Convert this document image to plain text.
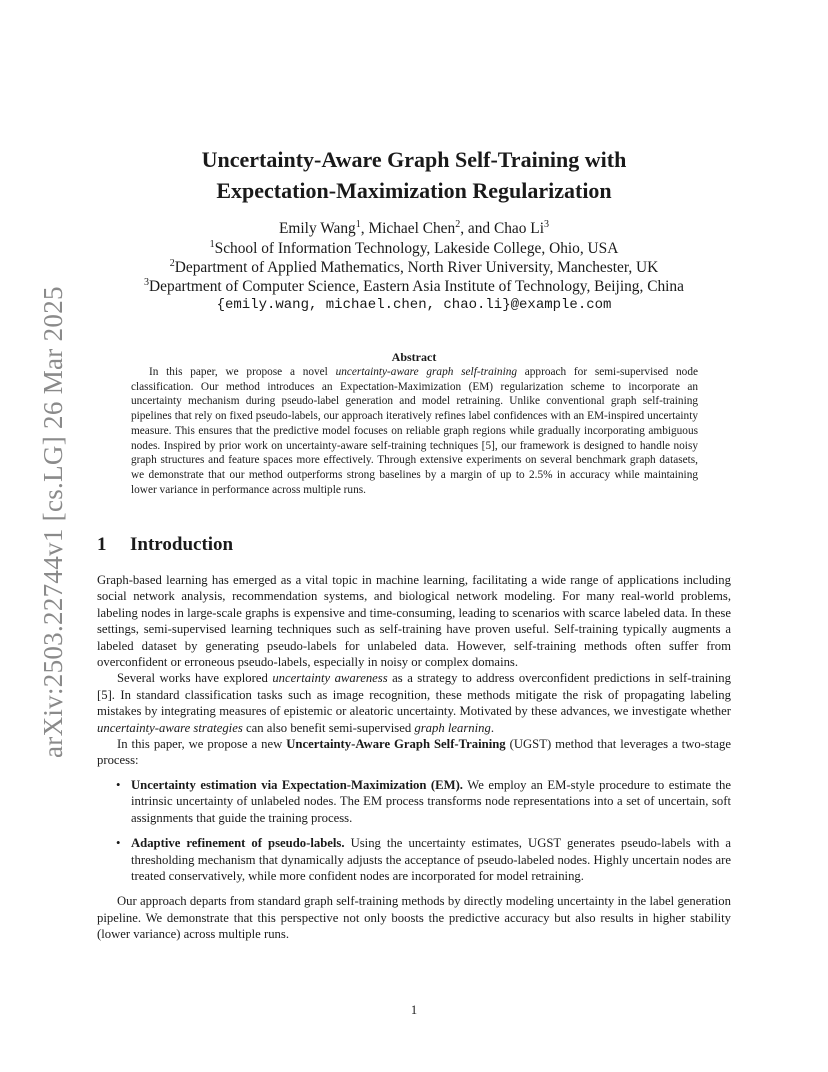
arXiv:2503.22744v1 [cs.LG] 26 Mar 2025
Uncertainty-Aware Graph Self-Training with
Expectation-Maximization Regularization
Emily Wang$^1$, Michael Chen$^2$, and Chao Li$^3$
$^1$School of Information Technology, Lakeside College, Ohio, USA
$^2$Department of Applied Mathematics, North River University, Manchester, UK
$^3$Department of Computer Science, Eastern Asia Institute of Technology, Beijing, China
{emily.wang, michael.chen, chao.li}@example.com
Abstract

In this paper, we propose a novel uncertainty-aware graph self-training approach for semi-supervised node classification. Our method introduces an Expectation-Maximization (EM) regularization scheme to incorporate an uncertainty mechanism during pseudo-label generation and model retraining. Unlike conventional graph self-training pipelines that rely on fixed pseudo-labels, our approach iteratively refines label confidences with an EM-inspired uncertainty measure. This ensures that the predictive model focuses on reliable graph regions while gradually incorporating ambiguous nodes. Inspired by prior work on uncertainty-aware self-training techniques [5], our framework is designed to handle noisy graph structures and feature spaces more effectively. Through extensive experiments on several benchmark graph datasets, we demonstrate that our method outperforms strong baselines by a margin of up to 2.5% in accuracy while maintaining lower variance in performance across multiple runs.

1 Introduction

Graph-based learning has emerged as a vital topic in machine learning, facilitating a wide range of applications including social network analysis, recommendation systems, and biological network modeling. For many real-world problems, labeling nodes in large-scale graphs is expensive and time-consuming, leading to scenarios with scarce labeled data. In these settings, semi-supervised learning techniques such as self-training have proven useful. Self-training typically augments a labeled dataset by generating pseudo-labels for unlabeled data. However, self-training methods often suffer from overconfident or erroneous pseudo-labels, especially in noisy or complex domains.

Several works have explored uncertainty awareness as a strategy to address overconfident predictions in self-training [5]. In standard classification tasks such as image recognition, these methods mitigate the risk of propagating labeling mistakes by integrating measures of epistemic or aleatoric uncertainty. Motivated by these advances, we investigate whether uncertainty-aware strategies can also benefit semi-supervised graph learning.

In this paper, we propose a new Uncertainty-Aware Graph Self-Training (UGST) method that leverages a two-stage process:

• Uncertainty estimation via Expectation-Maximization (EM). We employ an EM-style procedure to estimate the intrinsic uncertainty of unlabeled nodes. The EM process transforms node representations into a set of uncertain, soft assignments that guide the training process.
• Adaptive refinement of pseudo-labels. Using the uncertainty estimates, UGST generates pseudo-labels with a thresholding mechanism that dynamically adjusts the acceptance of pseudo-labeled nodes. Highly uncertain nodes are treated conservatively, while more confident nodes are incorporated for model retraining.

Our approach departs from standard graph self-training methods by directly modeling uncertainty in the label generation pipeline. We demonstrate that this perspective not only boosts the predictive accuracy but also results in higher stability (lower variance) across multiple runs.

1
